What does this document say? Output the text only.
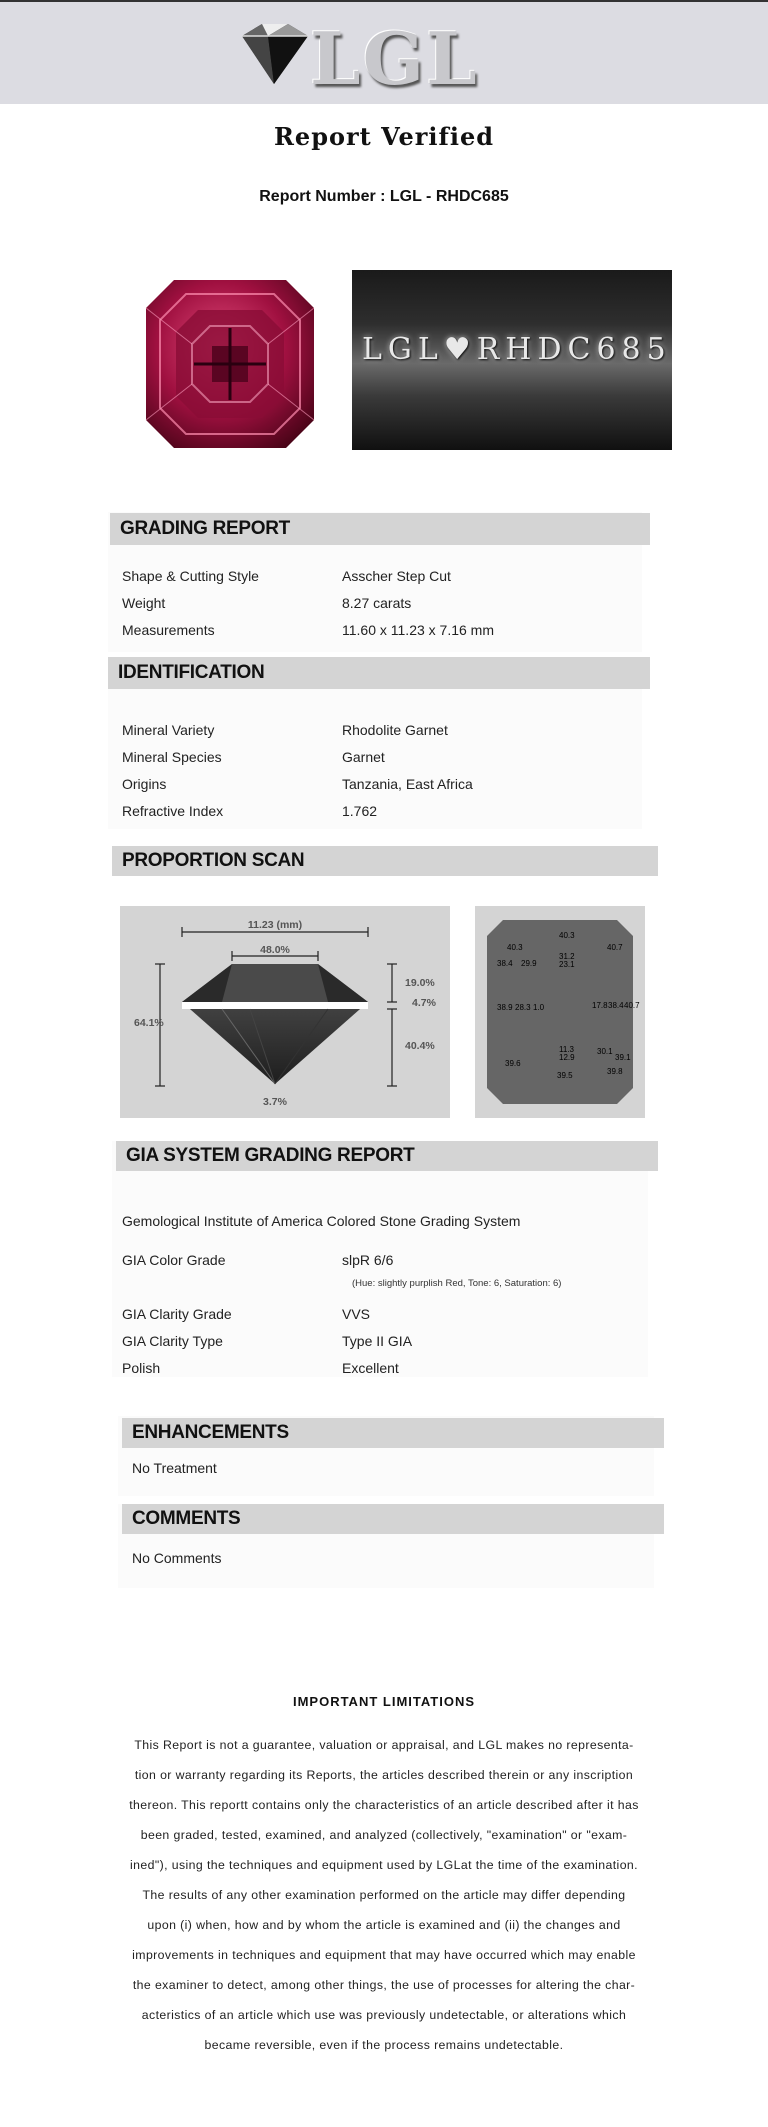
LGL
Report Verified
Report Number : LGL - RHDC685
LGL♥RHDC685
GRADING REPORT
Shape & Cutting Style	Asscher Step Cut
Weight	8.27 carats
Measurements	11.60 x 11.23 x 7.16 mm
IDENTIFICATION
Mineral Variety	Rhodolite Garnet
Mineral Species	Garnet
Origins	Tanzania, East Africa
Refractive Index	1.762
PROPORTION SCAN
11.23 (mm)
48.0%
64.1%
19.0%
4.7%
40.4%
3.7%
40.3
40.3
40.7
38.4 29.9
31.2
23.1
38.9 28.3 1.0	17.8 38.4 40.7
11.3
12.9
30.1
39.1
39.6
39.5	39.8
GIA SYSTEM GRADING REPORT
Gemological Institute of America Colored Stone Grading System
GIA Color Grade	slpR 6/6
(Hue: slightly purplish Red, Tone: 6, Saturation: 6)
GIA Clarity Grade	VVS
GIA Clarity Type	Type II GIA
Polish	Excellent
ENHANCEMENTS
No Treatment
COMMENTS
No Comments
IMPORTANT LIMITATIONS
This Report is not a guarantee, valuation or appraisal, and LGL makes no representa-
tion or warranty regarding its Reports, the articles described therein or any inscription
thereon. This reportt contains only the characteristics of an article described after it has
been graded, tested, examined, and analyzed (collectively, "examination" or "exam-
ined"), using the techniques and equipment used by LGLat the time of the examination.
The results of any other examination performed on the article may differ depending
upon (i) when, how and by whom the article is examined and (ii) the changes and
improvements in techniques and equipment that may have occurred which may enable
the examiner to detect, among other things, the use of processes for altering the char-
acteristics of an article which use was previously undetectable, or alterations which
became reversible, even if the process remains undetectable.
